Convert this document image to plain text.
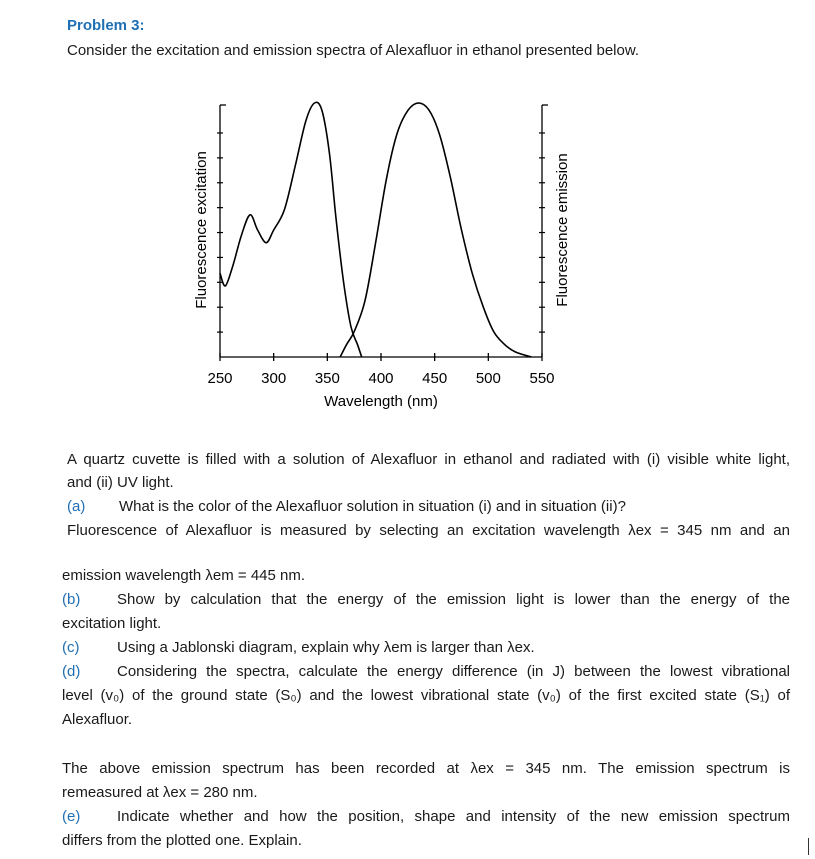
Problem 3:
Consider the excitation and emission spectra of Alexafluor in ethanol presented below.
250 300 350 400 450 500 550
Wavelength (nm)
Fluorescence excitation	Fluorescence emission
A quartz cuvette is filled with a solution of Alexafluor in ethanol and radiated with (i) visible white light,
and (ii) UV light.
(a) What is the color of the Alexafluor solution in situation (i) and in situation (ii)?
Fluorescence of Alexafluor is measured by selecting an excitation wavelength λex = 345 nm and an
emission wavelength λem = 445 nm.
(b) Show by calculation that the energy of the emission light is lower than the energy of the
excitation light.
(c)	Using a Jablonski diagram, explain why λem is larger than λex.
(d) Considering the spectra, calculate the energy difference (in J) between the lowest vibrational
level (v₀) of the ground state (S₀) and the lowest vibrational state (v₀) of the first excited state (S₁) of
Alexafluor.
The above emission spectrum has been recorded at λex = 345 nm. The emission spectrum is
remeasured at λex = 280 nm.
(e) Indicate whether and how the position, shape and intensity of the new emission spectrum
differs from the plotted one. Explain.
